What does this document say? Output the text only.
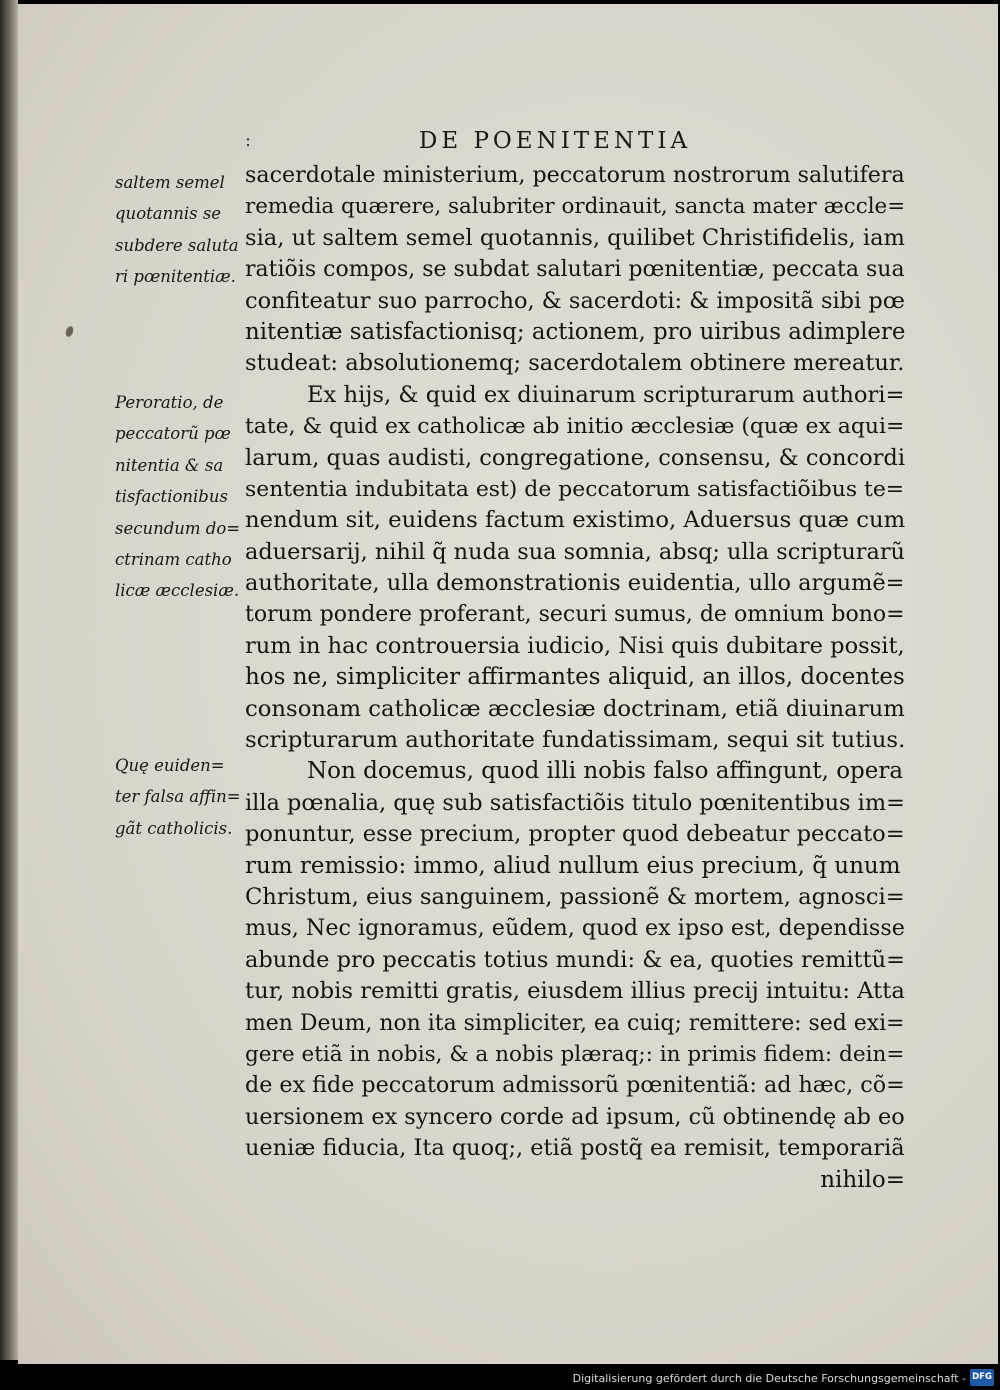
:	DE POENITENTIA
saltem semel
quotannis se
subdere saluta
ri pœnitentiæ.
Peroratio, de
peccatorũ pœ
nitentia & sa
tisfactionibus
secundum do=
ctrinam catho
licæ æcclesiæ.
Quę euiden=
ter falsa affin=
gãt catholicis.
sacerdotale ministerium, peccatorum nostrorum salutifera
remedia quærere, salubriter ordinauit, sancta mater æccle=
sia, ut saltem semel quotannis, quilibet Christifidelis, iam
ratiõis compos, se subdat salutari pœnitentiæ, peccata sua
confiteatur suo parrocho, & sacerdoti: & impositã sibi pœ
nitentiæ satisfactionisq; actionem, pro uiribus adimplere
studeat: absolutionemq; sacerdotalem obtinere mereatur.
Ex hijs, & quid ex diuinarum scripturarum authori=
tate, & quid ex catholicæ ab initio æcclesiæ (quæ ex aqui=
larum, quas audisti, congregatione, consensu, & concordi
sententia indubitata est) de peccatorum satisfactiõibus te=
nendum sit, euidens factum existimo, Aduersus quæ cum
aduersarij, nihil q̃ nuda sua somnia, absq; ulla scripturarũ
authoritate, ulla demonstrationis euidentia, ullo argumẽ=
torum pondere proferant, securi sumus, de omnium bono=
rum in hac controuersia iudicio, Nisi quis dubitare possit,
hos ne, simpliciter affirmantes aliquid, an illos, docentes
consonam catholicæ æcclesiæ doctrinam, etiã diuinarum
scripturarum authoritate fundatissimam, sequi sit tutius.
Non docemus, quod illi nobis falso affingunt, opera
illa pœnalia, quę sub satisfactiõis titulo pœnitentibus im=
ponuntur, esse precium, propter quod debeatur peccato=
rum remissio: immo, aliud nullum eius precium, q̃ unum
Christum, eius sanguinem, passionẽ & mortem, agnosci=
mus, Nec ignoramus, eũdem, quod ex ipso est, dependisse
abunde pro peccatis totius mundi: & ea, quoties remittũ=
tur, nobis remitti gratis, eiusdem illius precij intuitu: Atta
men Deum, non ita simpliciter, ea cuiq; remittere: sed exi=
gere etiã in nobis, & a nobis plæraq;: in primis fidem: dein=
de ex fide peccatorum admissorũ pœnitentiã: ad hæc, cõ=
uersionem ex syncero corde ad ipsum, cũ obtinendę ab eo
ueniæ fiducia, Ita quoq;, etiã postq̃ ea remisit, temporariã
nihilo=
Digitalisierung gefördert durch die Deutsche Forschungsgemeinschaft - DFG
